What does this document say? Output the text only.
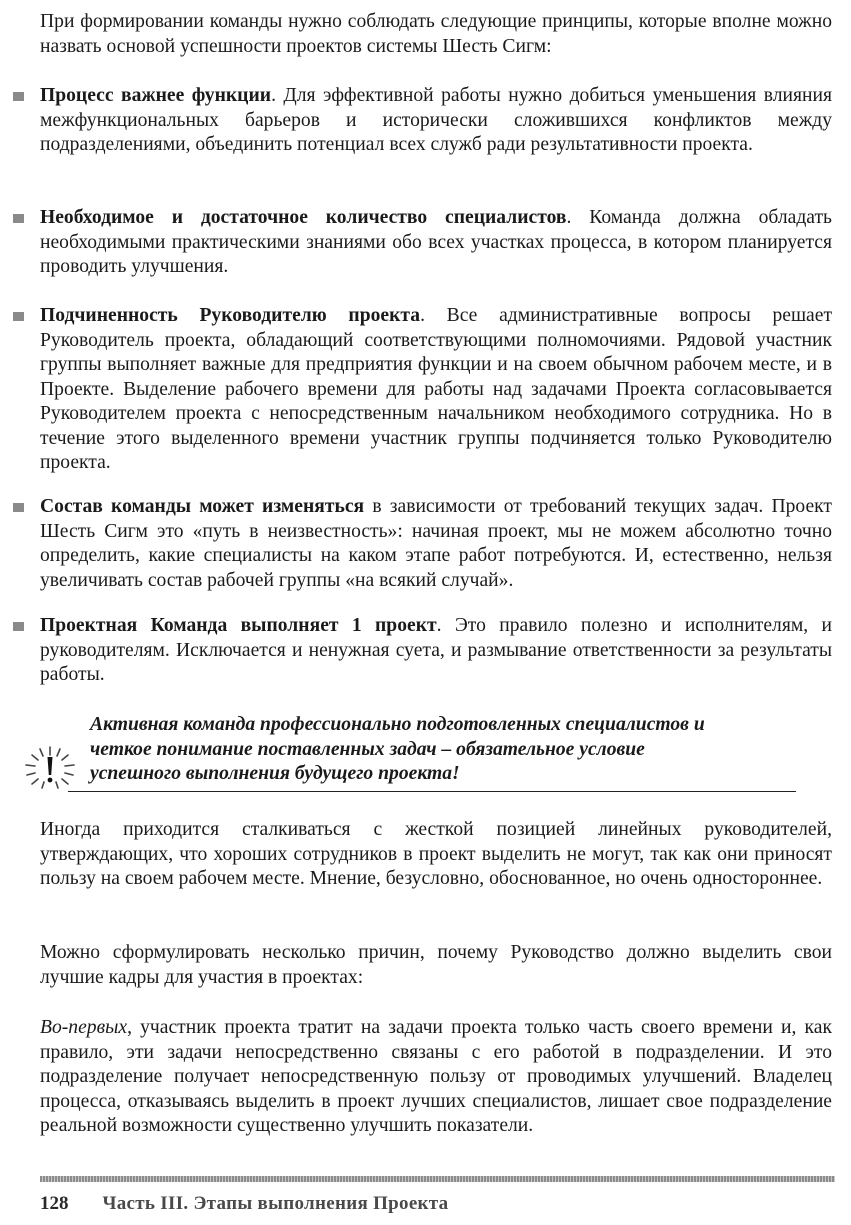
При формировании команды нужно соблюдать следующие принципы, которые вполне можно назвать основой успешности проектов системы Шесть Сигм:

Процесс важнее функции. Для эффективной работы нужно добиться уменьшения влияния межфункциональных барьеров и исторически сложившихся конфликтов между подразделениями, объединить потенциал всех служб ради результативности проекта.
Необходимое и достаточное количество специалистов. Команда должна обладать необходимыми практическими знаниями обо всех участках процесса, в котором планируется проводить улучшения.
Подчиненность Руководителю проекта. Все административные вопросы решает Руководитель проекта, обладающий соответствующими полномочиями. Рядовой участник группы выполняет важные для предприятия функции и на своем обычном рабочем месте, и в Проекте. Выделение рабочего времени для работы над задачами Проекта согласовывается Руководителем проекта с непосредственным начальником необходимого сотрудника. Но в течение этого выделенного времени участник группы подчиняется только Руководителю проекта.
Состав команды может изменяться в зависимости от требований текущих задач. Проект Шесть Сигм это «путь в неизвестность»: начиная проект, мы не можем абсолютно точно определить, какие специалисты на каком этапе работ потребуются. И, естественно, нельзя увеличивать состав рабочей группы «на всякий случай».
Проектная Команда выполняет 1 проект. Это правило полезно и исполнителям, и руководителям. Исключается и ненужная суета, и размывание ответственности за результаты работы.
Активная команда профессионально подготовленных специалистов и
четкое понимание поставленных задач – обязательное условие
успешного выполнения будущего проекта!

Иногда приходится сталкиваться с жесткой позицией линейных руководителей, утверждающих, что хороших сотрудников в проект выделить не могут, так как они приносят пользу на своем рабочем месте. Мнение, безусловно, обоснованное, но очень одностороннее.

Можно сформулировать несколько причин, почему Руководство должно выделить свои лучшие кадры для участия в проектах:

Во-первых, участник проекта тратит на задачи проекта только часть своего времени и, как правило, эти задачи непосредственно связаны с его работой в подразделении. И это подразделение получает непосредственную пользу от проводимых улучшений. Владелец процесса, отказываясь выделить в проект лучших специалистов, лишает свое подразделение реальной возможности существенно улучшить показатели.

128 Часть III. Этапы выполнения Проекта
